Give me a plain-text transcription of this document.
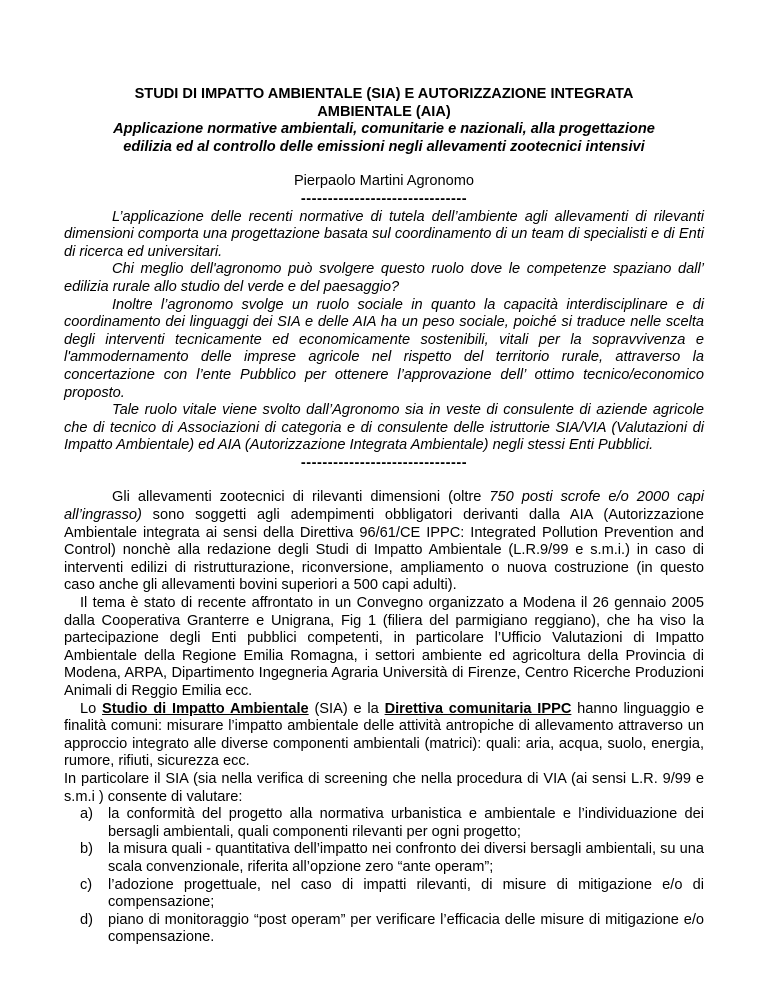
STUDI DI IMPATTO AMBIENTALE (SIA) E AUTORIZZAZIONE INTEGRATA
AMBIENTALE (AIA)
Applicazione normative ambientali, comunitarie e nazionali, alla progettazione
edilizia ed al controllo delle emissioni negli allevamenti zootecnici intensivi
Pierpaolo Martini Agronomo
-------------------------------

L’applicazione delle recenti normative di tutela dell’ambiente agli allevamenti di rilevanti dimensioni comporta una progettazione basata sul coordinamento di un team di specialisti e di Enti di ricerca ed universitari.

Chi meglio dell'agronomo può svolgere questo ruolo dove le competenze spaziano dall’ edilizia rurale allo studio del verde e del paesaggio?

Inoltre l’agronomo svolge un ruolo sociale in quanto la capacità interdisciplinare e di coordinamento dei linguaggi dei SIA e delle AIA ha un peso sociale, poiché si traduce nelle scelta degli interventi tecnicamente ed economicamente sostenibili, vitali per la sopravvivenza e l'ammodernamento delle imprese agricole nel rispetto del territorio rurale, attraverso la concertazione con l’ente Pubblico per ottenere l’approvazione dell’ ottimo tecnico/economico proposto.

Tale ruolo vitale viene svolto dall’Agronomo sia in veste di consulente di aziende agricole che di tecnico di Associazioni di categoria e di consulente delle istruttorie SIA/VIA (Valutazioni di Impatto Ambientale) ed AIA (Autorizzazione Integrata Ambientale) negli stessi Enti Pubblici.

-------------------------------

Gli allevamenti zootecnici di rilevanti dimensioni (oltre 750 posti scrofe e/o 2000 capi all’ingrasso) sono soggetti agli adempimenti obbligatori derivanti dalla AIA (Autorizzazione Ambientale integrata ai sensi della Direttiva 96/61/CE IPPC: Integrated Pollution Prevention and Control) nonchè alla redazione degli Studi di Impatto Ambientale (L.R.9/99 e s.m.i.) in caso di interventi edilizi di ristrutturazione, riconversione, ampliamento o nuova costruzione (in questo caso anche gli allevamenti bovini superiori a 500 capi adulti).

Il tema è stato di recente affrontato in un Convegno organizzato a Modena il 26 gennaio 2005 dalla Cooperativa Granterre e Unigrana, Fig 1 (filiera del parmigiano reggiano), che ha viso la partecipazione degli Enti pubblici competenti, in particolare l’Ufficio Valutazioni di Impatto Ambientale della Regione Emilia Romagna, i settori ambiente ed agricoltura della Provincia di Modena, ARPA, Dipartimento Ingegneria Agraria Università di Firenze, Centro Ricerche Produzioni Animali di Reggio Emilia ecc.

Lo Studio di Impatto Ambientale (SIA) e la Direttiva comunitaria IPPC hanno linguaggio e finalità comuni: misurare l’impatto ambientale delle attività antropiche di allevamento attraverso un approccio integrato alle diverse componenti ambientali (matrici): quali: aria, acqua, suolo, energia, rumore, rifiuti, sicurezza ecc.

In particolare il SIA (sia nella verifica di screening che nella procedura di VIA (ai sensi L.R. 9/99 e s.m.i ) consente di valutare:

a) la conformità del progetto alla normativa urbanistica e ambientale e l’individuazione dei bersagli ambientali, quali componenti rilevanti per ogni progetto;
b) la misura quali - quantitativa dell’impatto nei confronto dei diversi bersagli ambientali, su una scala convenzionale, riferita all’opzione zero “ante operam”;
c) l’adozione progettuale, nel caso di impatti rilevanti, di misure di mitigazione e/o di compensazione;
d) piano di monitoraggio “post operam” per verificare l’efficacia delle misure di mitigazione e/o compensazione.
